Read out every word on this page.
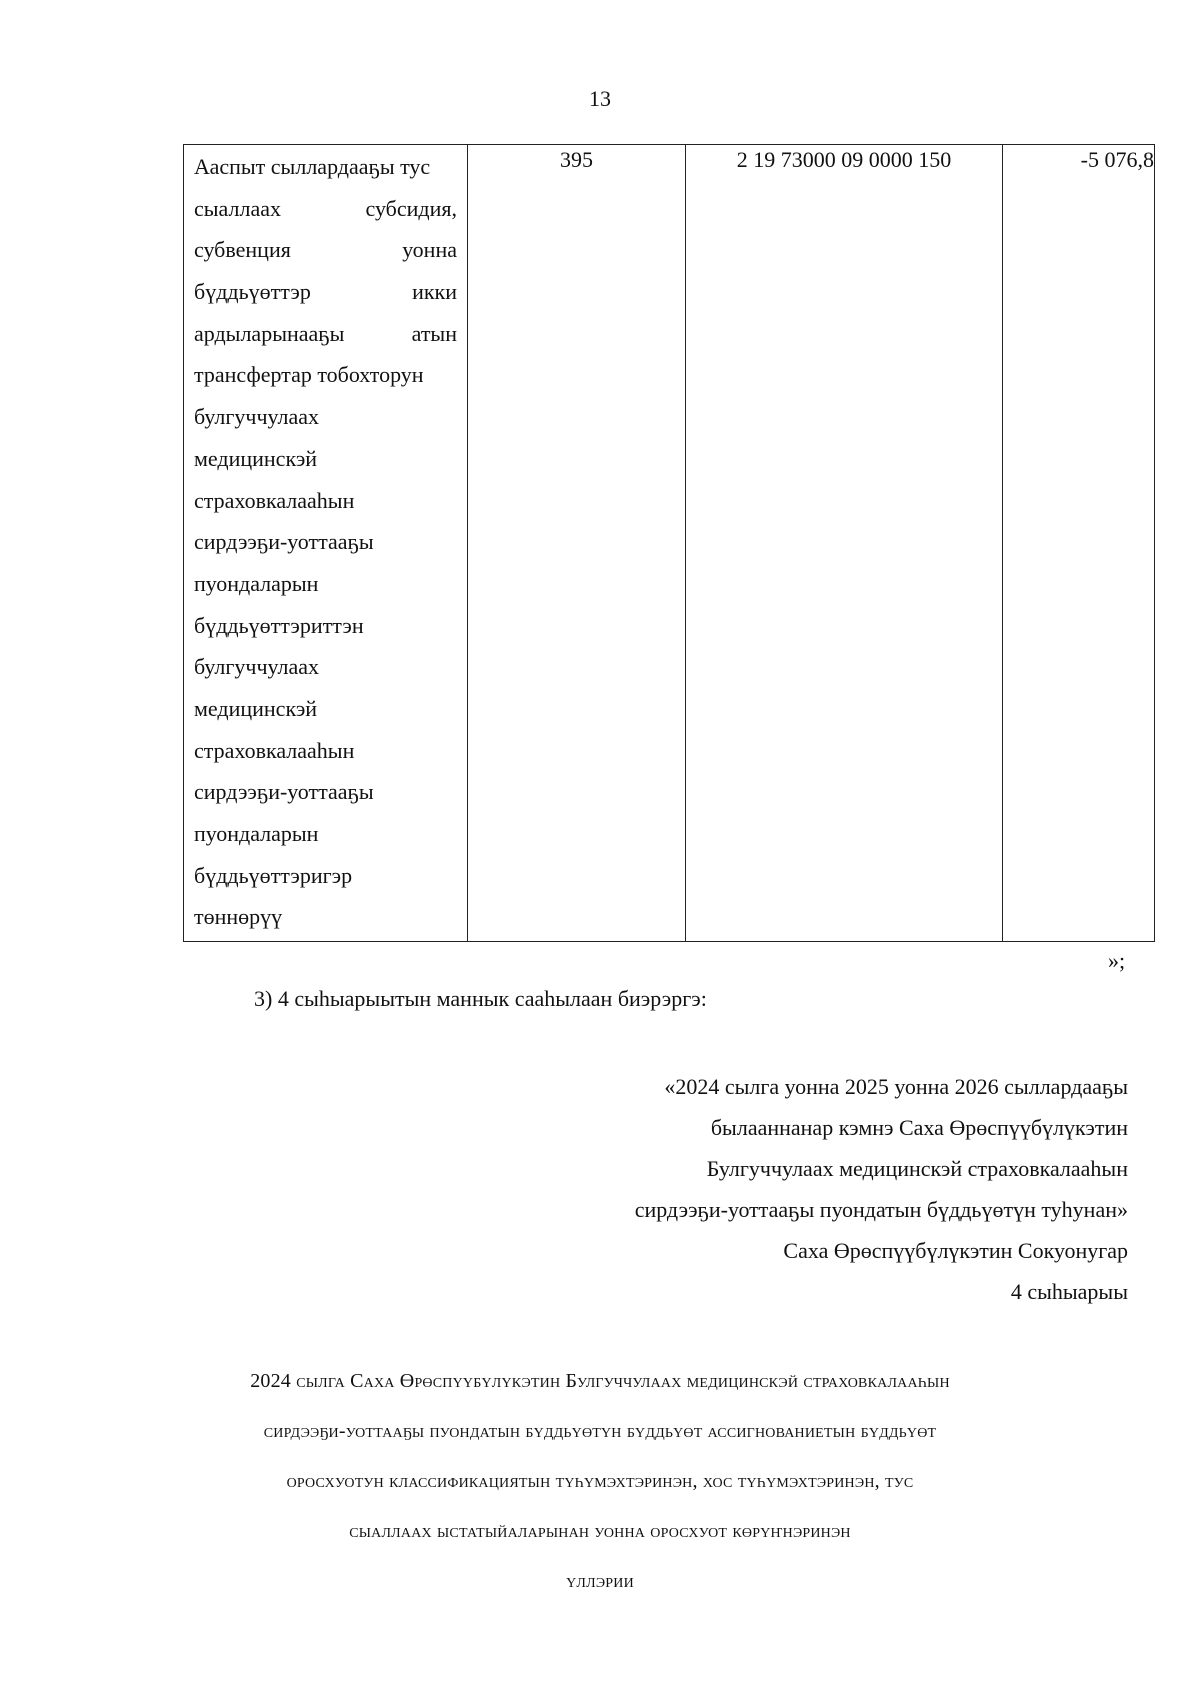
13
Ааспыт сыллардааҕы тус
сыаллаах	субсидия,
субвенция	уонна
бүддьүөттэр	икки
ардыларынааҕы	атын
трансфертар тобохторун
булгуччулаах
медицинскэй
страховкалааһын
сирдээҕи-уоттааҕы
пуондаларын
бүддьүөттэриттэн
булгуччулаах
медицинскэй
страховкалааһын
сирдээҕи-уоттааҕы
пуондаларын
бүддьүөттэригэр
төннөрүү
	395	2 19 73000 09 0000 150	-5 076,8
»;
3) 4 сыһыарыытын маннык сааһылаан биэрэргэ:
«2024 сылга уонна 2025 уонна 2026 сыллардааҕы
былааннанар кэмнэ Саха Өрөспүүбүлүкэтин
Булгуччулаах медицинскэй страховкалааһын
сирдээҕи-уоттааҕы пуондатын бүддьүөтүн туһунан»
Саха Өрөспүүбүлүкэтин Сокуонугар
4 сыһыарыы
2024 сылга Саха Өрөспүүбүлүкэтин Булгуччулаах медицинскэй страховкалааһын
сирдээҕи-уоттааҕы пуондатын бүддьүөтүн бүддьүөт ассигнованиетын бүддьүөт
оросхуотун классификациятын түһүмэхтэринэн, хос түһүмэхтэринэн, тус
сыаллаах ыстатыйаларынан уонна оросхуот көрүҥнэринэн
үллэрии
